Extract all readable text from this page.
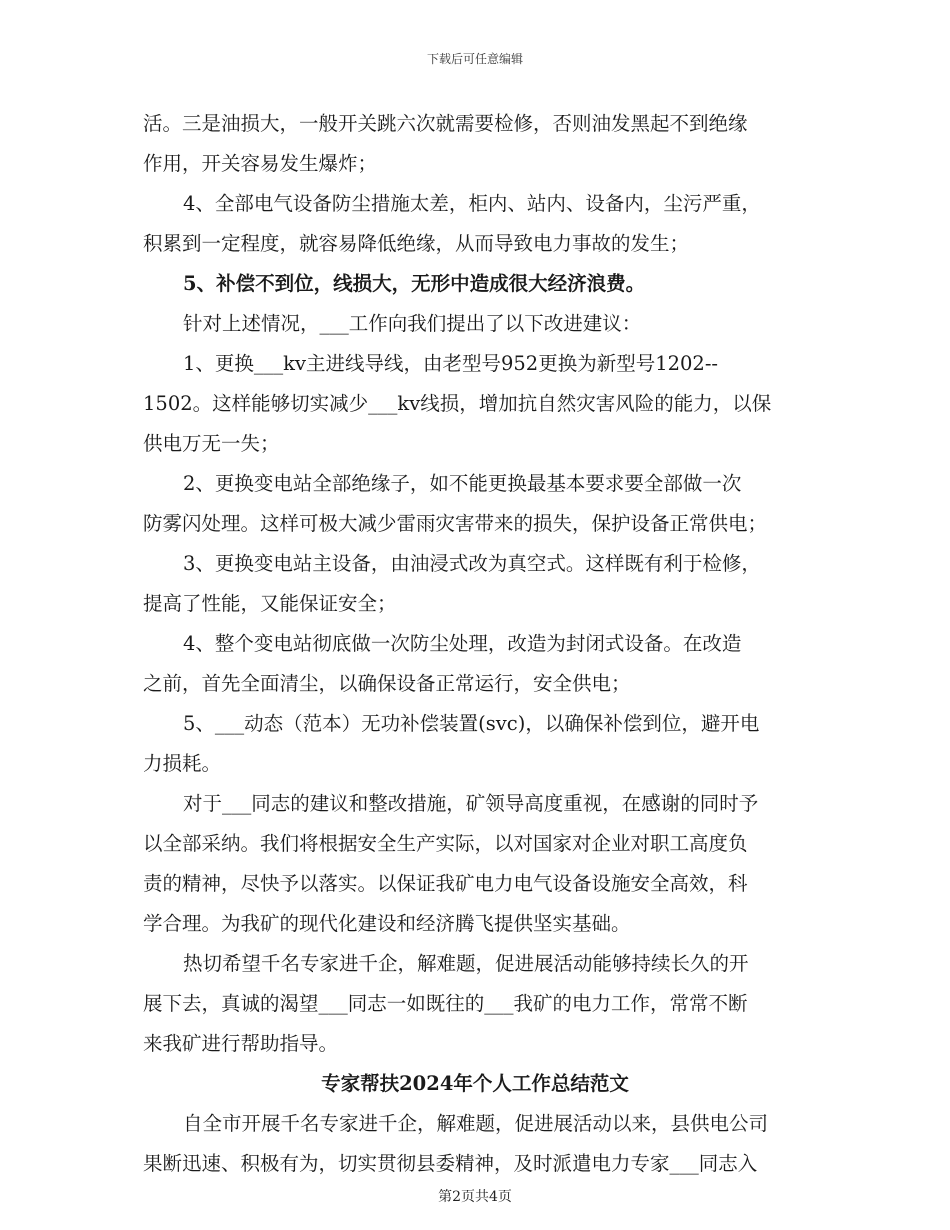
下载后可任意编辑
活。三是油损大，一般开关跳六次就需要检修，否则油发黑起不到绝缘
作用，开关容易发生爆炸；
4、全部电气设备防尘措施太差，柜内、站内、设备内，尘污严重，
积累到一定程度，就容易降低绝缘，从而导致电力事故的发生；
5、补偿不到位，线损大，无形中造成很大经济浪费。
针对上述情况，___工作向我们提出了以下改进建议：
1、更换___kv主进线导线，由老型号952更换为新型号1202--
1502。这样能够切实减少___kv线损，增加抗自然灾害风险的能力，以保
供电万无一失；
2、更换变电站全部绝缘子，如不能更换最基本要求要全部做一次
防雾闪处理。这样可极大减少雷雨灾害带来的损失，保护设备正常供电；
3、更换变电站主设备，由油浸式改为真空式。这样既有利于检修，
提高了性能，又能保证安全；
4、整个变电站彻底做一次防尘处理，改造为封闭式设备。在改造
之前，首先全面清尘，以确保设备正常运行，安全供电；
5、___动态（范本）无功补偿装置(svc)，以确保补偿到位，避开电
力损耗。
对于___同志的建议和整改措施，矿领导高度重视，在感谢的同时予
以全部采纳。我们将根据安全生产实际，以对国家对企业对职工高度负
责的精神，尽快予以落实。以保证我矿电力电气设备设施安全高效，科
学合理。为我矿的现代化建设和经济腾飞提供坚实基础。
热切希望千名专家进千企，解难题，促进展活动能够持续长久的开
展下去，真诚的渴望___同志一如既往的___我矿的电力工作，常常不断
来我矿进行帮助指导。
专家帮扶2024年个人工作总结范文
自全市开展千名专家进千企，解难题，促进展活动以来，县供电公司
果断迅速、积极有为，切实贯彻县委精神，及时派遣电力专家___同志入
第2页共4页
